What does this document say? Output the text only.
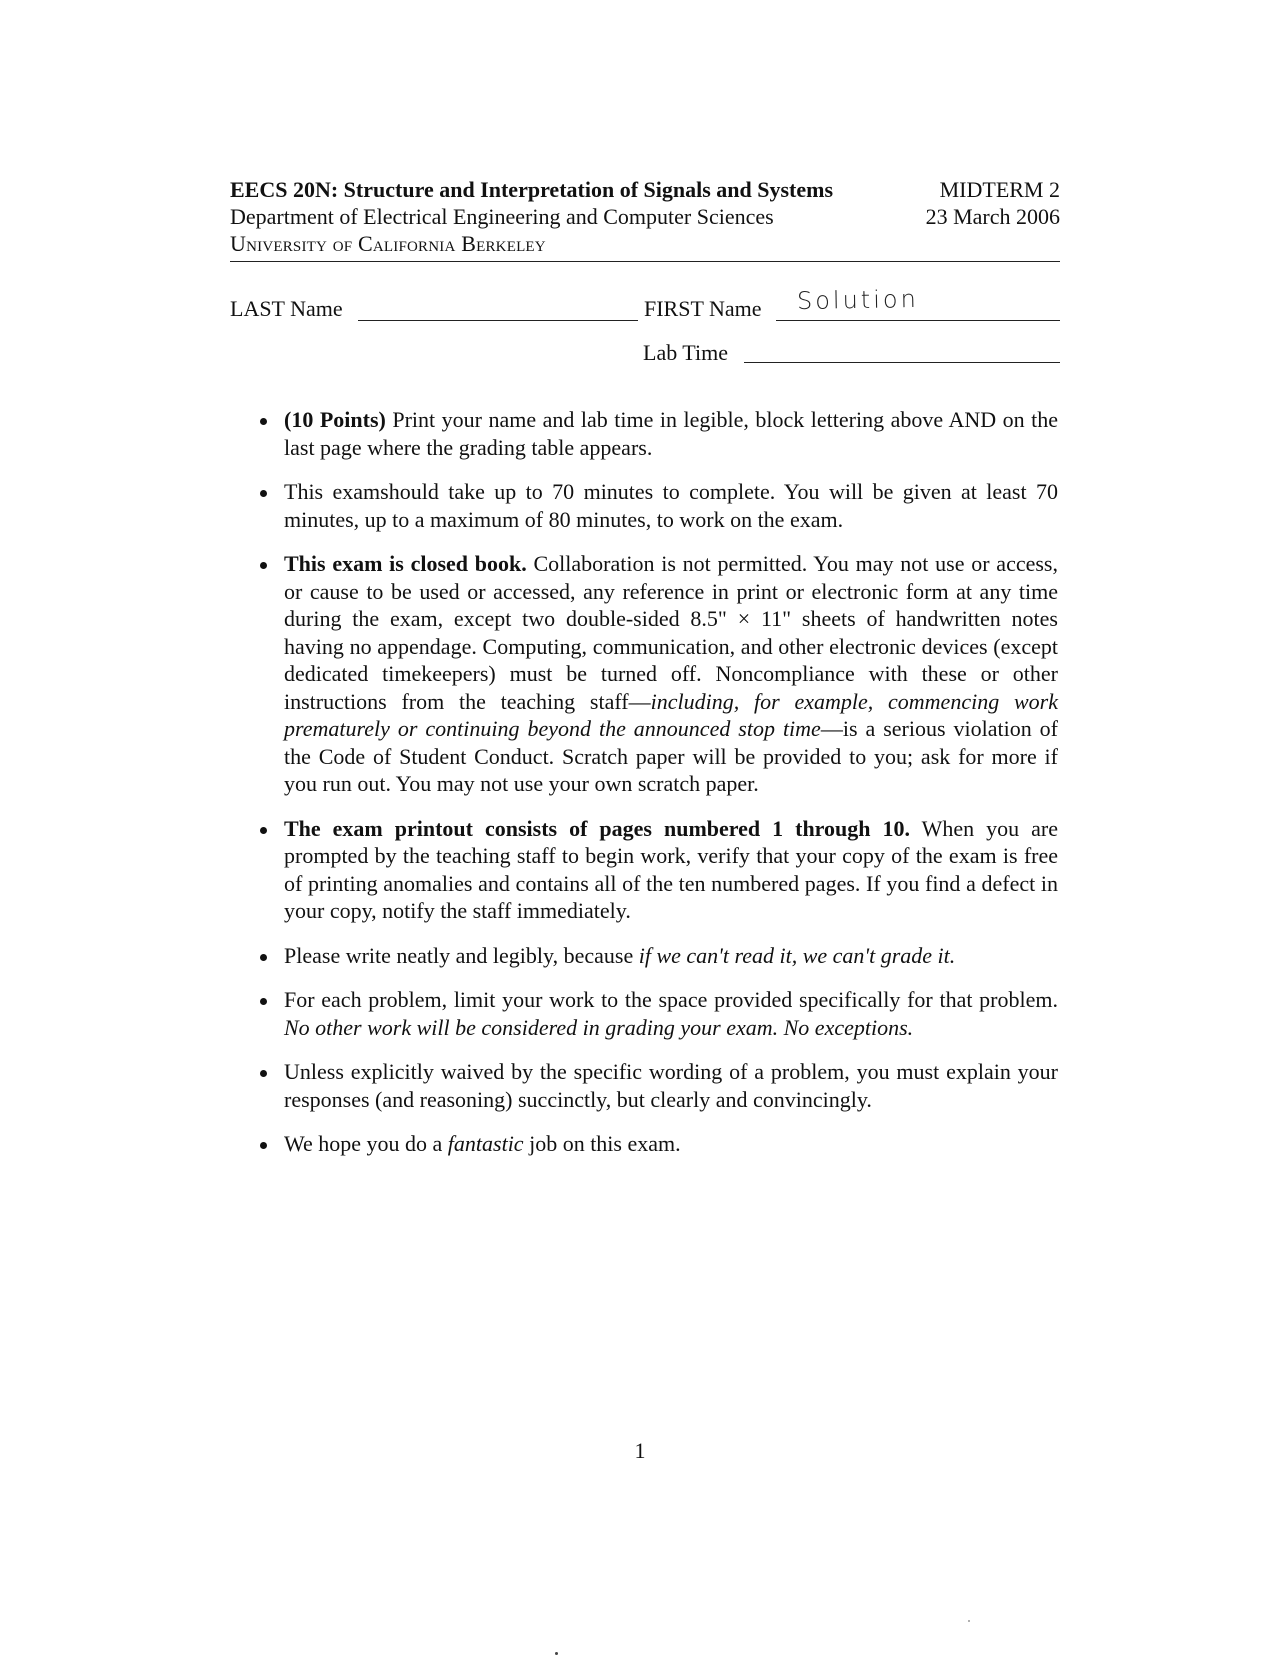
EECS 20N: Structure and Interpretation of Signals and Systems	MIDTERM 2
Department of Electrical Engineering and Computer Sciences	23 March 2006
University of California Berkeley
LAST Name	FIRST Name Solution
Lab Time
(10 Points) Print your name and lab time in legible, block lettering above AND on the last page where the grading table appears.
This examshould take up to 70 minutes to complete. You will be given at least 70 minutes, up to a maximum of 80 minutes, to work on the exam.
This exam is closed book. Collaboration is not permitted. You may not use or access, or cause to be used or accessed, any reference in print or electronic form at any time during the exam, except two double-sided 8.5" × 11" sheets of handwritten notes having no appendage. Computing, communication, and other electronic devices (except dedicated timekeepers) must be turned off. Noncompliance with these or other instructions from the teaching staff—including, for example, commencing work prematurely or continuing beyond the announced stop time—is a serious violation of the Code of Student Conduct. Scratch paper will be provided to you; ask for more if you run out. You may not use your own scratch paper.
The exam printout consists of pages numbered 1 through 10. When you are prompted by the teaching staff to begin work, verify that your copy of the exam is free of printing anomalies and contains all of the ten numbered pages. If you find a defect in your copy, notify the staff immediately.
Please write neatly and legibly, because if we can't read it, we can't grade it.
For each problem, limit your work to the space provided specifically for that problem. No other work will be considered in grading your exam. No exceptions.
Unless explicitly waived by the specific wording of a problem, you must explain your responses (and reasoning) succinctly, but clearly and convincingly.
We hope you do a fantastic job on this exam.
1
